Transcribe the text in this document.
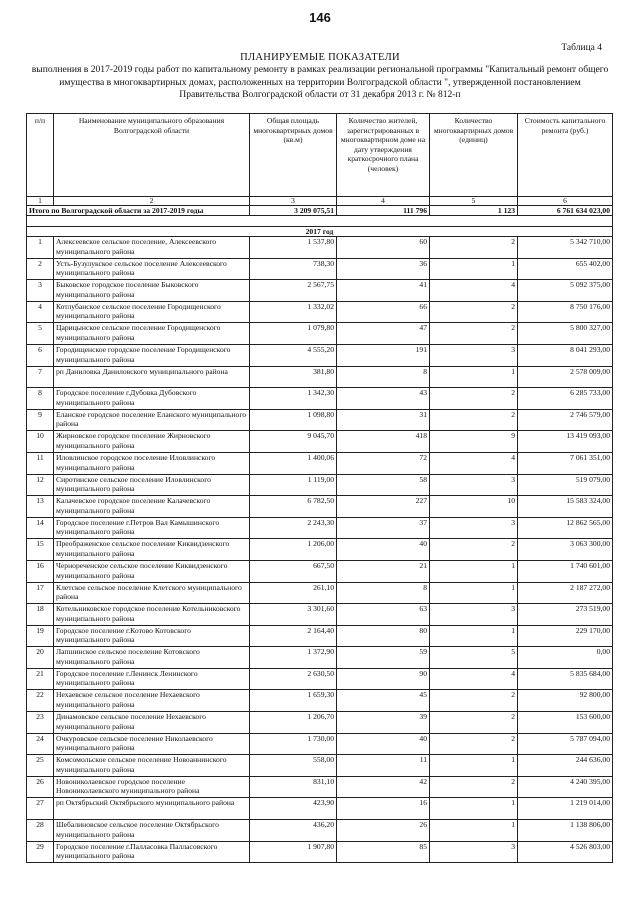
146
Таблица 4
ПЛАНИРУЕМЫЕ ПОКАЗАТЕЛИ
выполнения в 2017-2019 годы работ по капитальному ремонту в рамках реализации региональной программы "Капитальный ремонт общего имущества в многоквартирных домах, расположенных на территории Волгоградской области ", утвержденной постановлением Правительства Волгоградской области от 31 декабря 2013 г. № 812-п
п/п	Наименование муниципального образования Волгоградской области	Общая площадь многоквартирных домов (кв.м)	Количество жителей, зарегистрированных в многоквартирном доме на дату утверждения краткосрочного плана (человек)	Количество многоквартирных домов (единиц)	Стоимость капитального ремонта (руб.)
1	2	3	4	5	6
Итого по Волгоградской области за 2017-2019 годы		3 209 075,51	111 796	1 123	6 761 634 023,00

2017 год					
1	Алексеевское сельское поселение, Алексеевского муниципального района	1 537,80	60	2	5 342 710,00
2	Усть-Бузулукское сельское поселение Алексеевского муниципального района	738,30	36	1	655 402,00
3	Быковское городское поселение Быковского муниципального района	2 567,75	41	4	5 092 375,00
4	Котлубанское сельское поселение Городищенского муниципального района	1 332,02	66	2	8 750 176,00
5	Царицынское сельское поселение Городищенского муниципального района	1 079,80	47	2	5 800 327,00
6	Городищенское городское поселение Городищенского муниципального района	4 555,20	191	3	8 041 293,00
7	рп Даниловка Даниловского муниципального района	381,80	8	1	2 578 009,00
8	Городское поселение г.Дубовка Дубовского муниципального района	1 342,30	43	2	6 285 733,00
9	Еланское городское поселение Еланского муниципального района	1 098,80	31	2	2 746 579,00
10	Жирновское городское поселение Жирновского муниципального района	9 045,70	418	9	13 419 093,00
11	Иловлинское городское поселение Иловлинского муниципального района	1 400,06	72	4	7 061 351,00
12	Сиротинское сельское поселение Иловлинского муниципального района	1 119,00	58	3	519 079,00
13	Калачевское городское поселение Калачевского муниципального района	6 782,50	227	10	15 583 324,00
14	Городское поселение г.Петров Вал Камышинского муниципального района	2 243,30	37	3	12 862 565,00
15	Преображенское сельское поселение Киквидзенского муниципального района	1 206,00	40	2	3 063 300,00
16	Чернореченское сельское поселение Киквидзенского муниципального района	667,50	21	1	1 740 601,00
17	Клетское сельское поселение Клетского муниципального района	261,10	8	1	2 187 272,00
18	Котельниковское городское поселение Котельниковского муниципального района	3 301,60	63	3	273 519,00
19	Городское поселение г.Котово Котовского муниципального района	2 164,40	80	1	229 170,00
20	Лапшинское сельское поселение Котовского муниципального района	1 372,90	59	5	0,00
21	Городское поселение г.Ленинск Ленинского муниципального района	2 630,50	90	4	5 835 684,00
22	Нехаевское сельское поселение Нехаевского муниципального района	1 659,30	45	2	92 800,00
23	Динамовское сельское поселение Нехаевского муниципального района	1 206,70	39	2	153 600,00
24	Очкуровское сельское поселение Николаевского муниципального района	1 730,00	40	2	5 787 094,00
25	Комсомольское сельское поселение Новоаннинского муниципального района	558,00	11	1	244 636,00
26	Новониколаевское городское поселение Новониколаевского муниципального района	831,10	42	2	4 240 395,00
27	рп Октябрьский Октябрьского муниципального района	423,90	16	1	1 219 014,00
28	Шебалиновское сельское поселение Октябрьского муниципального района	436,20	26	1	1 138 806,00
29	Городское поселение г.Палласовка Палласовского муниципального района	1 907,80	85	3	4 526 803,00
